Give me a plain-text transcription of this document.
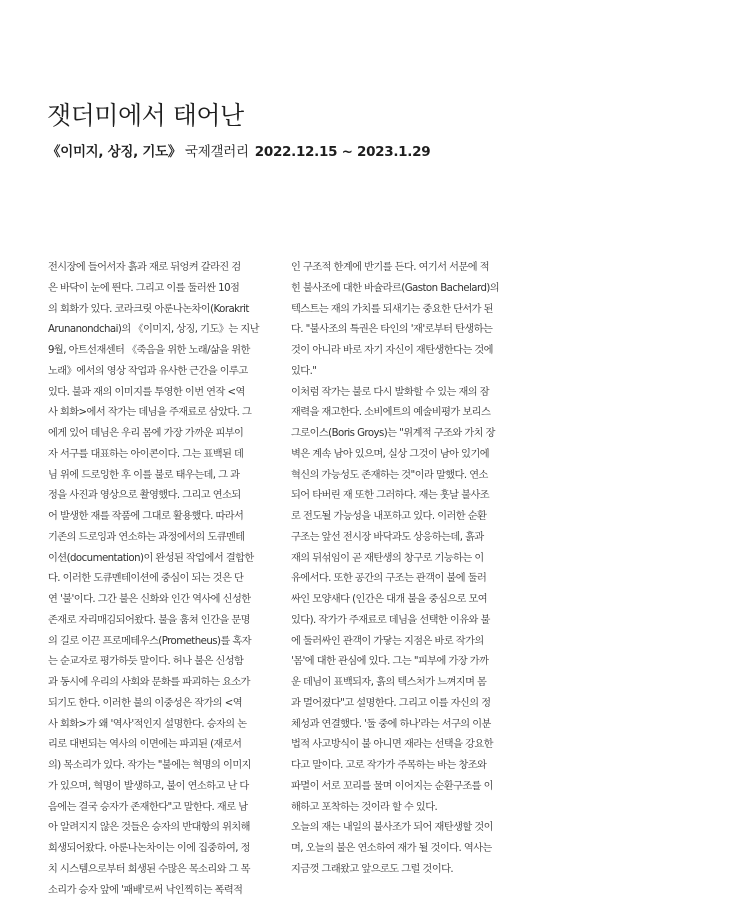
잿더미에서 태어난

《이미지, 상징, 기도》 국제갤러리 2022.12.15 ~ 2023.1.29

전시장에 들어서자 흙과 재로 뒤엉켜 갈라진 검
은 바닥이 눈에 띈다. 그리고 이를 둘러싼 10점
의 회화가 있다. 코라크릿 아룬나논차이(Korakrit
Arunanondchai)의 《이미지, 상징, 기도》는 지난
9월, 아트선재센터 《죽음을 위한 노래/삶을 위한
노래》에서의 영상 작업과 유사한 근간을 이루고
있다. 불과 재의 이미지를 투영한 이번 연작 <역
사 회화>에서 작가는 데님을 주재료로 삼았다. 그
에게 있어 데님은 우리 몸에 가장 가까운 피부이
자 서구를 대표하는 아이콘이다. 그는 표백된 데
님 위에 드로잉한 후 이를 불로 태우는데, 그 과
정을 사진과 영상으로 촬영했다. 그리고 연소되
어 발생한 재를 작품에 그대로 활용했다. 따라서
기존의 드로잉과 연소하는 과정에서의 도큐멘테
이션(documentation)이 완성된 작업에서 결합한
다. 이러한 도큐멘테이션에 중심이 되는 것은 단
연 '불'이다. 그간 불은 신화와 인간 역사에 신성한
존재로 자리매김되어왔다. 불을 훔쳐 인간을 문명
의 길로 이끈 프로메테우스(Prometheus)를 혹자
는 순교자로 평가하듯 말이다. 허나 불은 신성함
과 동시에 우리의 사회와 문화를 파괴하는 요소가
되기도 한다. 이러한 불의 이중성은 작가의 <역
사 회화>가 왜 '역사'적인지 설명한다. 승자의 논
리로 대변되는 역사의 이면에는 파괴된 (재로서
의) 목소리가 있다. 작가는 "불에는 혁명의 이미지
가 있으며, 혁명이 발생하고, 불이 연소하고 난 다
음에는 결국 승자가 존재한다"고 말한다. 재로 남
아 알려지지 않은 것들은 승자의 반대항의 위치해
희생되어왔다. 아룬나논차이는 이에 집중하여, 정
치 시스템으로부터 희생된 수많은 목소리와 그 목
소리가 승자 앞에 '패배'로써 낙인찍히는 폭력적
인 구조적 한계에 반기를 든다. 여기서 서문에 적
힌 불사조에 대한 바슐라르(Gaston Bachelard)의
텍스트는 재의 가치를 되새기는 중요한 단서가 된
다. "불사조의 특권은 타인의 '재'로부터 탄생하는
것이 아니라 바로 자기 자신이 재탄생한다는 것에
있다."
이처럼 작가는 불로 다시 발화할 수 있는 재의 잠
재력을 재고한다. 소비에트의 예술비평가 보리스
그로이스(Boris Groys)는 "위계적 구조와 가치 장
벽은 계속 남아 있으며, 실상 그것이 남아 있기에
혁신의 가능성도 존재하는 것"이라 말했다. 연소
되어 타버린 재 또한 그러하다. 재는 훗날 불사조
로 전도될 가능성을 내포하고 있다. 이러한 순환
구조는 앞선 전시장 바닥과도 상응하는데, 흙과
재의 뒤섞임이 곧 재탄생의 창구로 기능하는 이
유에서다. 또한 공간의 구조는 관객이 불에 둘러
싸인 모양새다 (인간은 대개 불을 중심으로 모여
있다). 작가가 주재료로 데님을 선택한 이유와 불
에 둘러싸인 관객이 가닿는 지점은 바로 작가의
'몸'에 대한 관심에 있다. 그는 "피부에 가장 가까
운 데님이 표백되자, 흙의 텍스처가 느껴지며 몸
과 멀어졌다"고 설명한다. 그리고 이를 자신의 정
체성과 연결했다. '둘 중에 하나'라는 서구의 이분
법적 사고방식이 불 아니면 재라는 선택을 강요한
다고 말이다. 고로 작가가 주목하는 바는 창조와
파멸이 서로 꼬리를 물며 이어지는 순환구조를 이
해하고 포착하는 것이라 할 수 있다.
오늘의 재는 내일의 불사조가 되어 재탄생할 것이
며, 오늘의 불은 연소하여 재가 될 것이다. 역사는
지금껏 그래왔고 앞으로도 그럴 것이다.
